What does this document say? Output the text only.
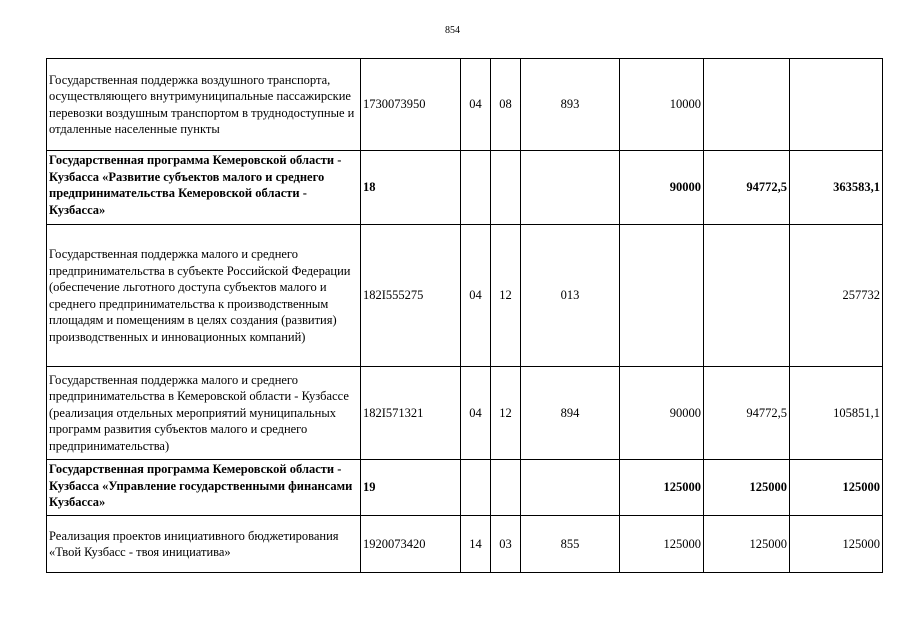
854
Государственная поддержка воздушного транспорта, осуществляющего внутримуниципальные пассажирские перевозки воздушным транспортом в труднодоступные и отдаленные населенные пункты	1730073950	04	08	893	10000		
Государственная программа Кемеровской области - Кузбасса «Развитие субъектов малого и среднего предпринимательства Кемеровской области - Кузбасса»	18				90000	94772,5	363583,1
Государственная поддержка малого и среднего предпринимательства в субъекте Российской Федерации (обеспечение льготного доступа субъектов малого и среднего предпринимательства к производственным площадям и помещениям в целях создания (развития) производственных и инновационных компаний)	182I555275	04	12	013			257732
Государственная поддержка малого и среднего предпринимательства в Кемеровской области - Кузбассе (реализация отдельных мероприятий муниципальных программ развития субъектов малого и среднего предпринимательства)	182I571321	04	12	894	90000	94772,5	105851,1
Государственная программа Кемеровской области - Кузбасса «Управление государственными финансами Кузбасса»	19				125000	125000	125000
Реализация проектов инициативного бюджетирования «Твой Кузбасс - твоя инициатива»	1920073420	14	03	855	125000	125000	125000
